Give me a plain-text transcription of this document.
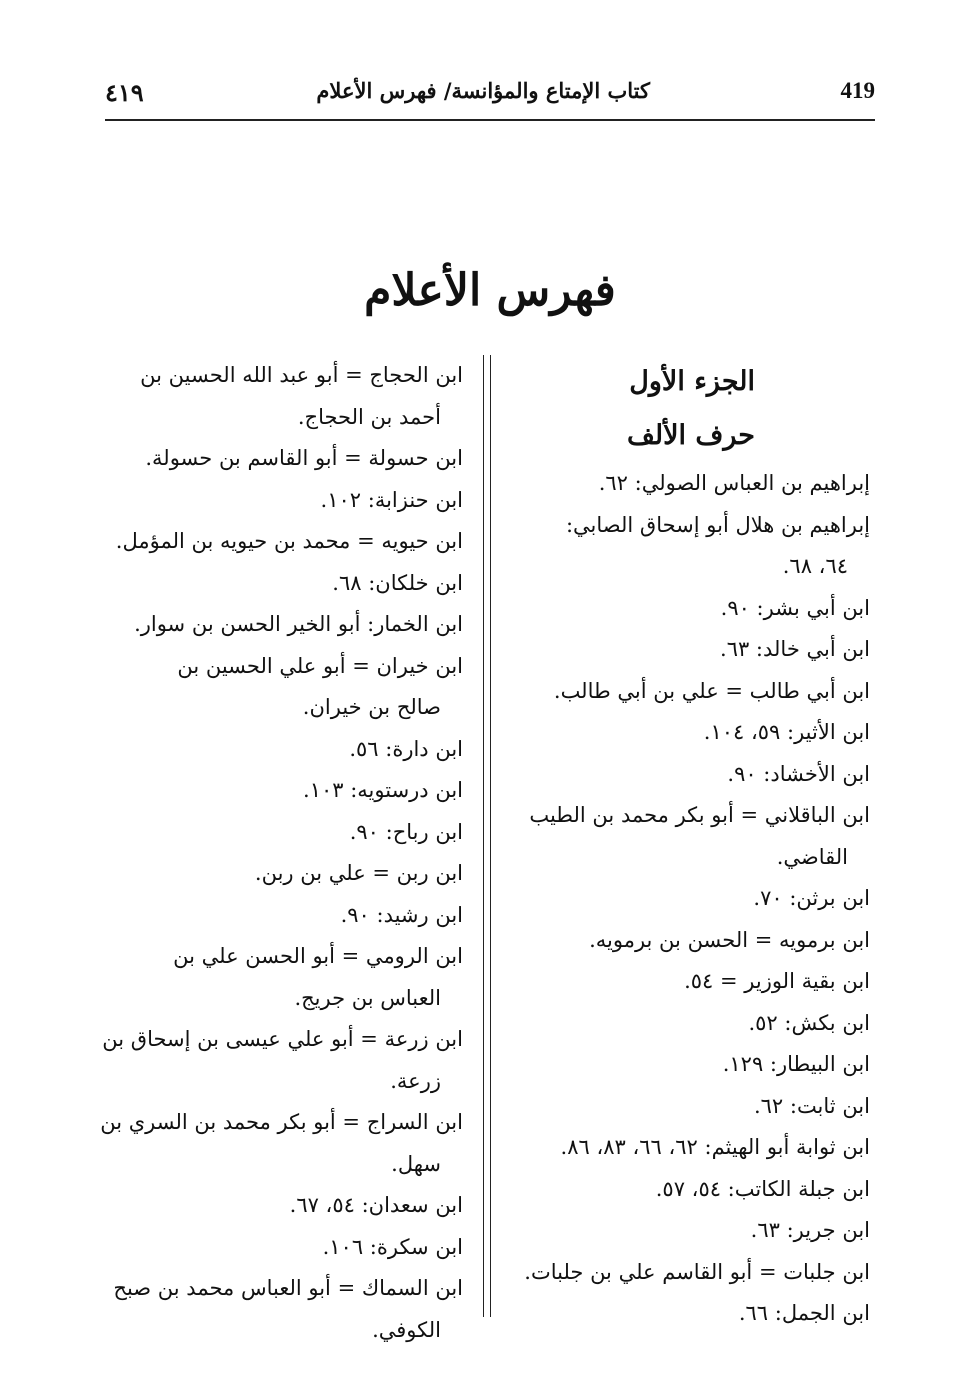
٤١٩	كتاب الإمتاع والمؤانسة/ فهرس الأعلام	419
فهرس الأعلام
الجزء الأول
حرف الألف
إبراهيم بن العباس الصولي: ٦٢.
إبراهيم بن هلال أبو إسحاق الصابي:
٦٤، ٦٨.
ابن أبي بشر: ٩٠.
ابن أبي خالد: ٦٣.
ابن أبي طالب = علي بن أبي طالب.
ابن الأثير: ٥٩، ١٠٤.
ابن الأخشاد: ٩٠.
ابن الباقلاني = أبو بكر محمد بن الطيب
القاضي.
ابن برثن: ٧٠.
ابن برمويه = الحسن بن برمويه.
ابن بقية الوزير = ٥٤.
ابن بكش: ٥٢.
ابن البيطار: ١٢٩.
ابن ثابت: ٦٢.
ابن ثوابة أبو الهيثم: ٦٢، ٦٦، ٨٣، ٨٦.
ابن جبلة الكاتب: ٥٤، ٥٧.
ابن جرير: ٦٣.
ابن جلبات = أبو القاسم علي بن جلبات.
ابن الجمل: ٦٦.
ابن الحجاج = أبو عبد الله الحسين بن
أحمد بن الحجاج.
ابن حسولة = أبو القاسم بن حسولة.
ابن حنزابة: ١٠٢.
ابن حيويه = محمد بن حيويه بن المؤمل.
ابن خلكان: ٦٨.
ابن الخمار: أبو الخير الحسن بن سوار.
ابن خيران = أبو علي الحسين بن
صالح بن خيران.
ابن دارة: ٥٦.
ابن درستويه: ١٠٣.
ابن رباح: ٩٠.
ابن ربن = علي بن ربن.
ابن رشيد: ٩٠.
ابن الرومي = أبو الحسن علي بن
العباس بن جريج.
ابن زرعة = أبو علي عيسى بن إسحاق بن
زرعة.
ابن السراج = أبو بكر محمد بن السري بن
سهل.
ابن سعدان: ٥٤، ٦٧.
ابن سكرة: ١٠٦.
ابن السماك = أبو العباس محمد بن صبح
الكوفي.
